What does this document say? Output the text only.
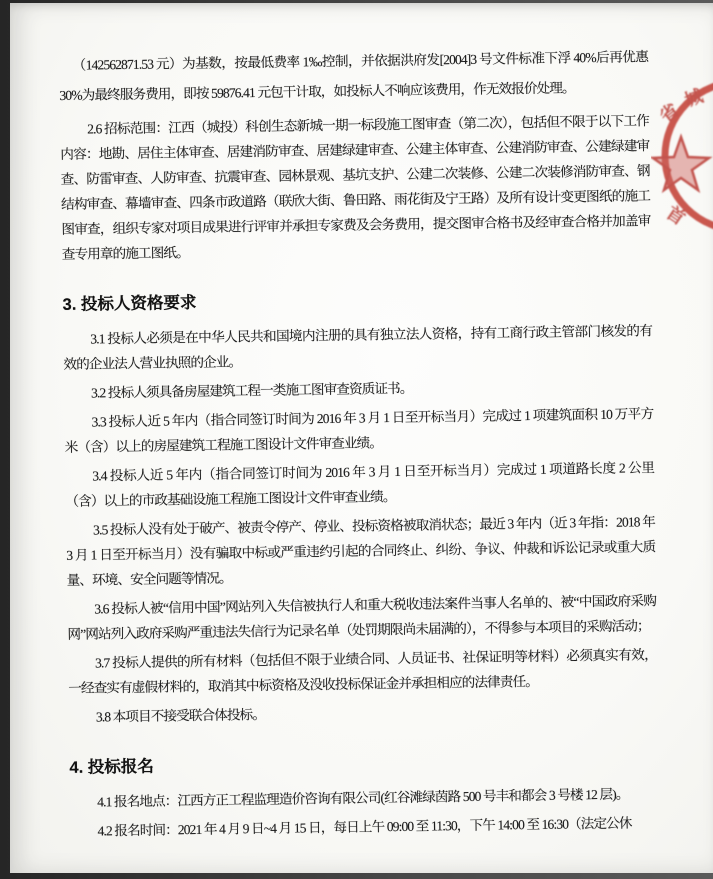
（142562871.53 元）为基数，按最低费率 1‰控制，并依据洪府发[2004]3 号文件标准下浮 40%后再优惠 30%为最终服务费用，即按 59876.41 元包干计取，如投标人不响应该费用，作无效报价处理。

2.6 招标范围：江西（城投）科创生态新城一期一标段施工图审查（第二次），包括但不限于以下工作内容：地勘、居住主体审查、居建消防审查、居建绿建审查、公建主体审查、公建消防审查、公建绿建审查、防雷审查、人防审查、抗震审查、园林景观、基坑支护、公建二次装修、公建二次装修消防审查、钢结构审查、幕墙审查、四条市政道路（联欣大街、鲁田路、雨花街及宁王路）及所有设计变更图纸的施工图审查，组织专家对项目成果进行评审并承担专家费及会务费用，提交图审合格书及经审查合格并加盖审查专用章的施工图纸。

3. 投标人资格要求

3.1 投标人必须是在中华人民共和国境内注册的具有独立法人资格，持有工商行政主管部门核发的有效的企业法人营业执照的企业。

3.2 投标人须具备房屋建筑工程一类施工图审查资质证书。

3.3 投标人近 5 年内（指合同签订时间为 2016 年 3 月 1 日至开标当月）完成过 1 项建筑面积 10 万平方米（含）以上的房屋建筑工程施工图设计文件审查业绩。

3.4 投标人近 5 年内（指合同签订时间为 2016 年 3 月 1 日至开标当月）完成过 1 项道路长度 2 公里（含）以上的市政基础设施工程施工图设计文件审查业绩。

3.5 投标人没有处于破产、被责令停产、停业、投标资格被取消状态；最近 3 年内（近 3 年指：2018 年 3 月 1 日至开标当月）没有骗取中标或严重违约引起的合同终止、纠纷、争议、仲裁和诉讼记录或重大质量、环境、安全问题等情况。

3.6 投标人被“信用中国”网站列入失信被执行人和重大税收违法案件当事人名单的、被“中国政府采购网”网站列入政府采购严重违法失信行为记录名单（处罚期限尚未届满的），不得参与本项目的采购活动；

3.7 投标人提供的所有材料（包括但不限于业绩合同、人员证书、社保证明等材料）必须真实有效，一经查实有虚假材料的，取消其中标资格及没收投标保证金并承担相应的法律责任。

3.8 本项目不接受联合体投标。

4. 投标报名

4.1 报名地点：江西方正工程监理造价咨询有限公司(红谷滩绿茵路 500 号丰和都会 3 号楼 12 层)。

4.2 报名时间：2021 年 4 月 9 日~4 月 15 日，每日上午 09:00 至 11:30，下午 14:00 至 16:30（法定公休

省
城
首
